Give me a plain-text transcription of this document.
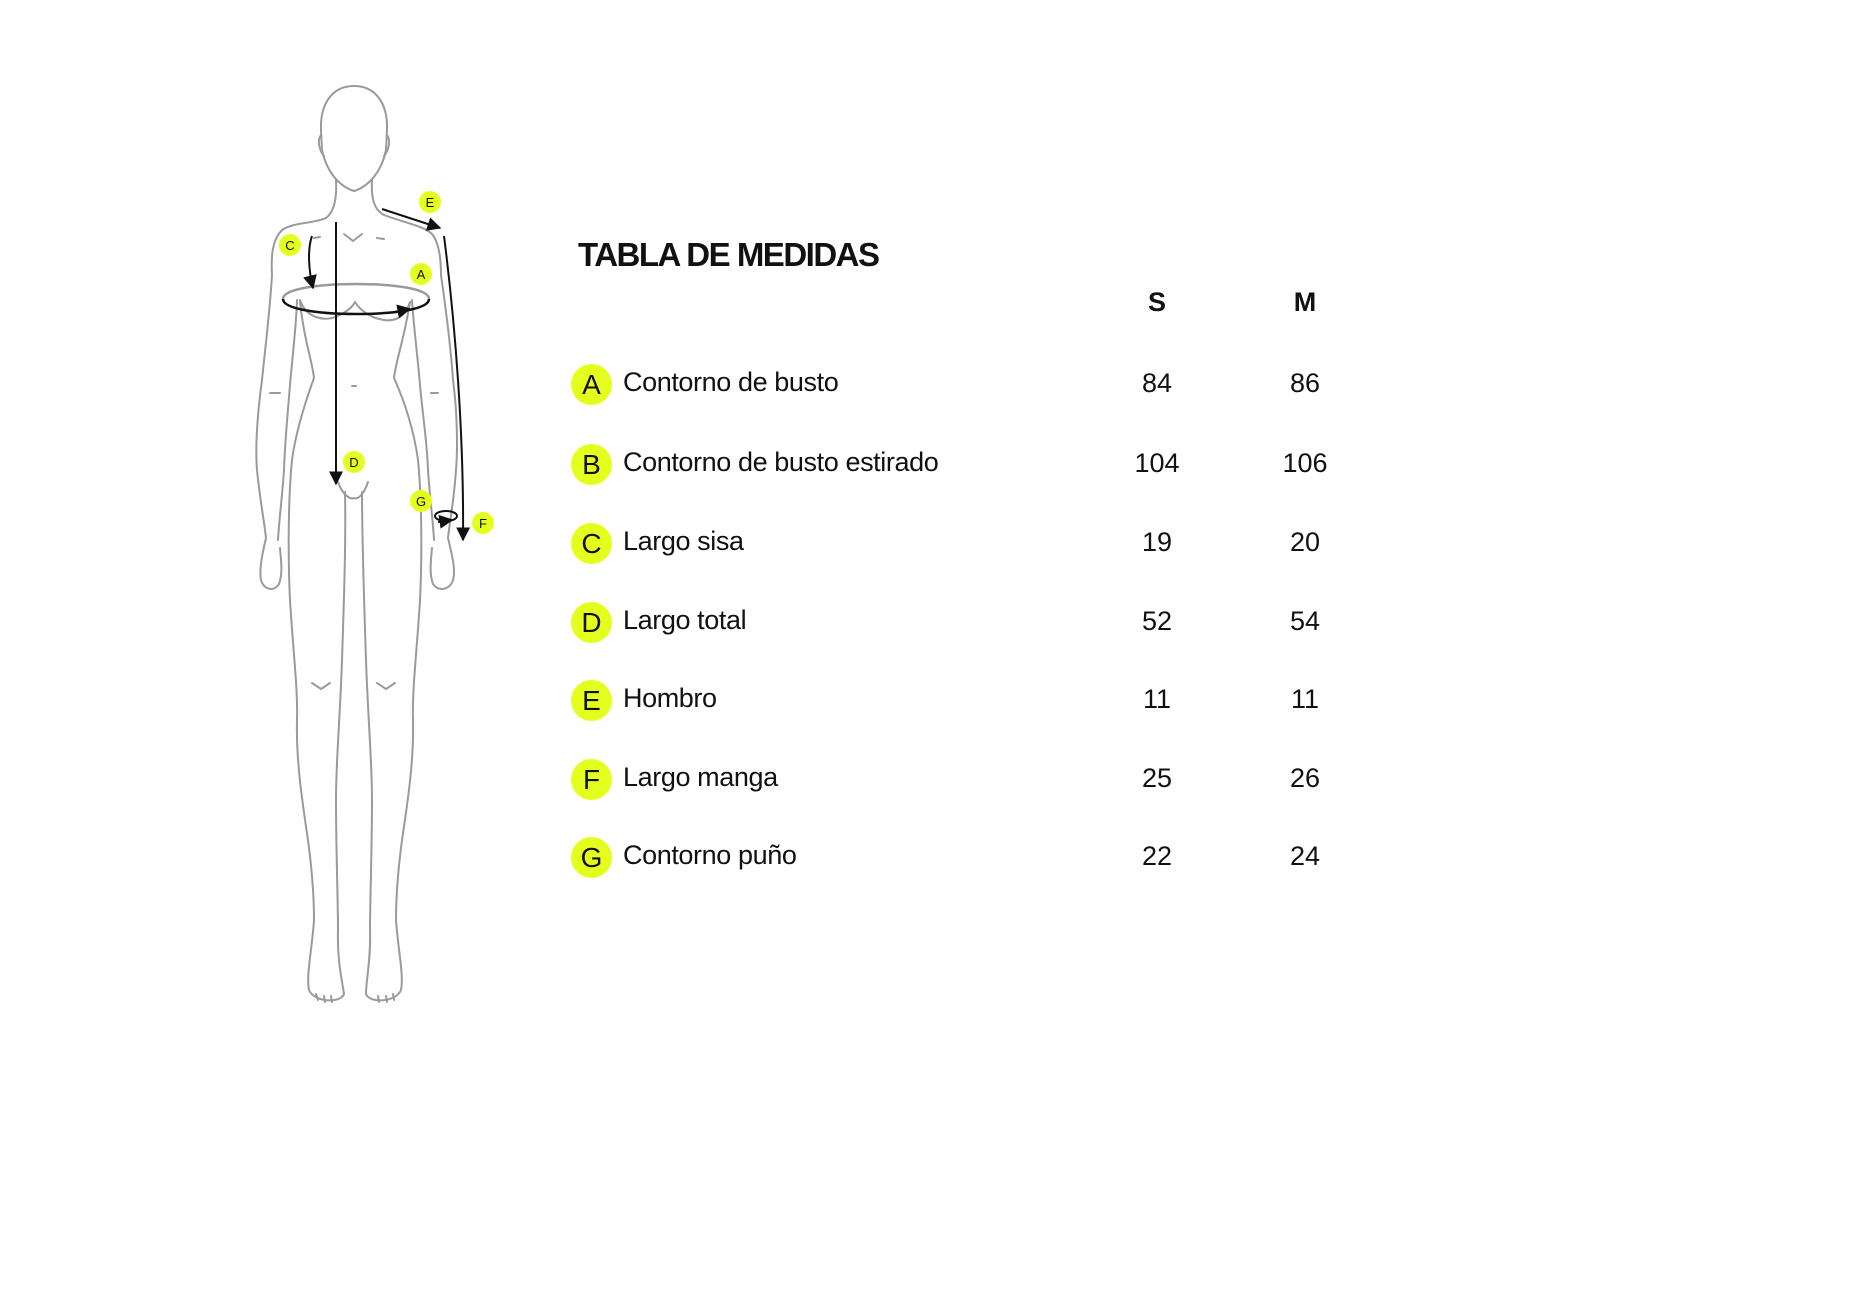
E
C
A
D
G
F
TABLA DE MEDIDAS
S	M
A Contorno de busto	84	86
B Contorno de busto estirado	104	106
C Largo sisa	19	20
D Largo total	52	54
E Hombro	11	11
F Largo manga	25	26
G Contorno puño	22	24
